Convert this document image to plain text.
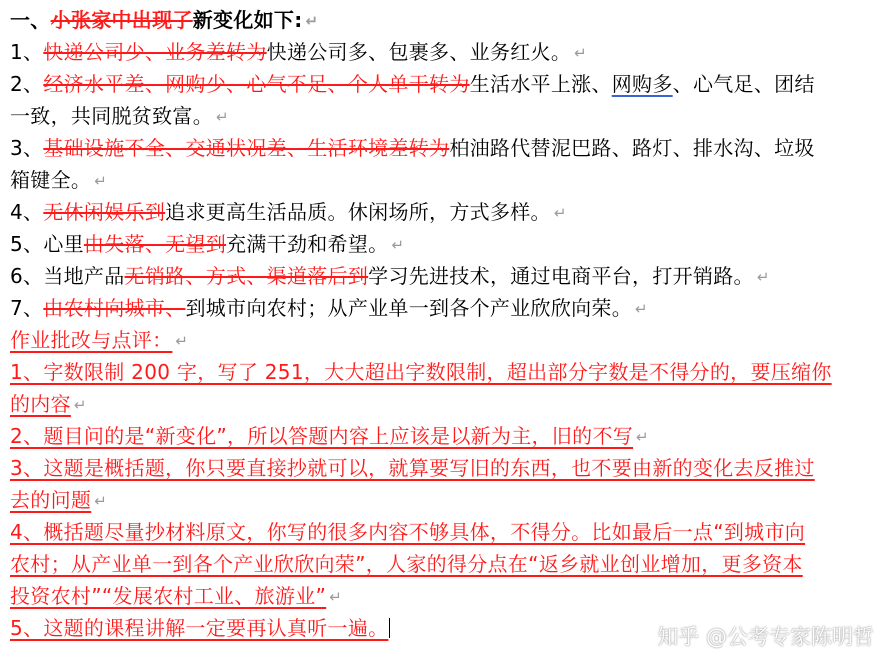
一、小张家中出现了新变化如下: ↵
1、快递公司少、业务差转为快递公司多、包裹多、业务红火。 ↵
2、经济水平差、网购少、心气不足、个人单干转为生活水平上涨、网购多、心气足、团结
一致，共同脱贫致富。 ↵
3、基础设施不全、交通状况差、生活环境差转为柏油路代替泥巴路、路灯、排水沟、垃圾
箱键全。 ↵
4、无休闲娱乐到追求更高生活品质。休闲场所，方式多样。 ↵
5、心里由失落、无望到充满干劲和希望。 ↵
6、当地产品无销路、方式、渠道落后到学习先进技术，通过电商平台，打开销路。 ↵
7、由农村向城市、到城市向农村；从产业单一到各个产业欣欣向荣。 ↵
作业批改与点评： ↵
1、字数限制 200 字，写了 251，大大超出字数限制，超出部分字数是不得分的，要压缩你
的内容 ↵
2、题目问的是“新变化”，所以答题内容上应该是以新为主，旧的不写 ↵
3、这题是概括题，你只要直接抄就可以，就算要写旧的东西，也不要由新的变化去反推过
去的问题 ↵
4、概括题尽量抄材料原文，你写的很多内容不够具体，不得分。比如最后一点“到城市向
农村；从产业单一到各个产业欣欣向荣”，人家的得分点在“返乡就业创业增加，更多资本
投资农村”“发展农村工业、旅游业” ↵
5、这题的课程讲解一定要再认真听一遍。	知乎 @公考专家陈明哲
